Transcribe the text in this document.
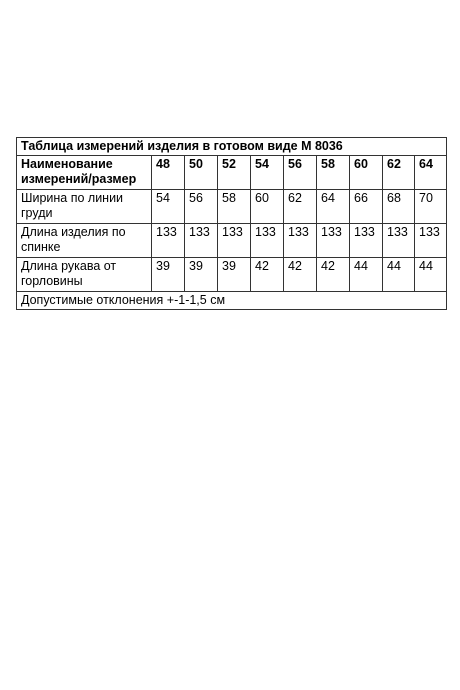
Таблица измерений изделия в готовом виде М 8036									
Наименование измерений/размер	48	50	52	54	56	58	60	62	64
Ширина по линии груди	54	56	58	60	62	64	66	68	70
Длина изделия по спинке	133	133	133	133	133	133	133	133	133
Длина рукава от горловины	39	39	39	42	42	42	44	44	44
Допустимые отклонения +-1-1,5 см									
